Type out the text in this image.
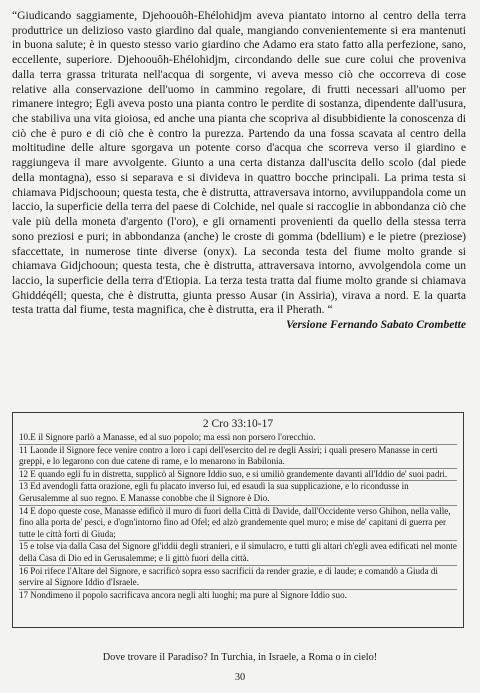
“Giudicando saggiamente, Djehoouôh-Ehélohidjm aveva piantato intorno al centro della terra produttrice un delizioso vasto giardino dal quale, mangiando convenientemente si era mantenuti in buona salute; è in questo stesso vario giardino che Adamo era stato fatto alla perfezione, sano, eccellente, superiore. Djehoouôh-Ehélohidjm, circondando delle sue cure colui che proveniva dalla terra grassa triturata nell'acqua di sorgente, vi aveva messo ciò che occorreva di cose relative alla conservazione dell'uomo in cammino regolare, di frutti necessari all'uomo per rimanere integro; Egli aveva posto una pianta contro le perdite di sostanza, dipendente dall'usura, che stabiliva una vita gioiosa, ed anche una pianta che scopriva al disubbidiente la conoscenza di ciò che è puro e di ciò che è contro la purezza. Partendo da una fossa scavata al centro della moltitudine delle alture sgorgava un potente corso d'acqua che scorreva verso il giardino e raggiungeva il mare avvolgente. Giunto a una certa distanza dall'uscita dello scolo (dal piede della montagna), esso si separava e si divideva in quattro bocche principali. La prima testa si chiamava Pidjschooun; questa testa, che è distrutta, attraversava intorno, avviluppandola come un laccio, la superficie della terra del paese di Colchide, nel quale si raccoglie in abbondanza ciò che vale più della moneta d'argento (l'oro), e gli ornamenti provenienti da quello della stessa terra sono preziosi e puri; in abbondanza (anche) le croste di gomma (bdellium) e le pietre (preziose) sfaccettate, in numerose tinte diverse (onyx). La seconda testa del fiume molto grande si chiamava Gidjchooun; questa testa, che è distrutta, attraversava intorno, avvolgendola come un laccio, la superficie della terra d'Etiopia. La terza testa tratta dal fiume molto grande si chiamava Ghiddéqéll; questa, che è distrutta, giunta presso Ausar (in Assiria), virava a nord. E la quarta testa tratta dal fiume, testa magnifica, che è distrutta, era il Pherath. “
Versione Fernando Sabato Crombette

2 Cro 33:10-17

10.E il Signore parlò a Manasse, ed al suo popolo; ma essi non porsero l'orecchio.

11 Laonde il Signore fece venire contro a loro i capi dell'esercito del re degli Assiri; i quali presero Manasse in certi greppi, e lo legarono con due catene di rame, e lo menarono in Babilonia.

12 E quando egli fu in distretta, supplicò al Signore Iddio suo, e si umiliò grandemente davanti all'Iddio de' suoi padri.

13 Ed avendogli fatta orazione, egli fu placato inverso lui, ed esaudì la sua supplicazione, e lo ricondusse in Gerusalemme al suo regno. E Manasse conobbe che il Signore è Dio.

14 E dopo queste cose, Manasse edificò il muro di fuori della Città di Davide, dall'Occidente verso Ghihon, nella valle, fino alla porta de' pesci, e d'ogn'intorno fino ad Ofel; ed alzò grandemente quel muro; e mise de' capitani di guerra per tutte le città forti di Giuda;

15 e tolse via dalla Casa del Signore gl'iddii degli stranieri, e il simulacro, e tutti gli altari ch'egli avea edificati nel monte della Casa di Dio ed in Gerusalemme; e li gittò fuori della città.

16 Poi rifece l'Altare del Signore, e sacrificò sopra esso sacrificii da render grazie, e di laude; e comandò a Giuda di servire al Signore Iddio d'Israele.

17 Nondimeno il popolo sacrificava ancora negli alti luoghi; ma pure al Signore Iddio suo.

Dove trovare il Paradiso? In Turchia, in Israele, a Roma o in cielo!

30
